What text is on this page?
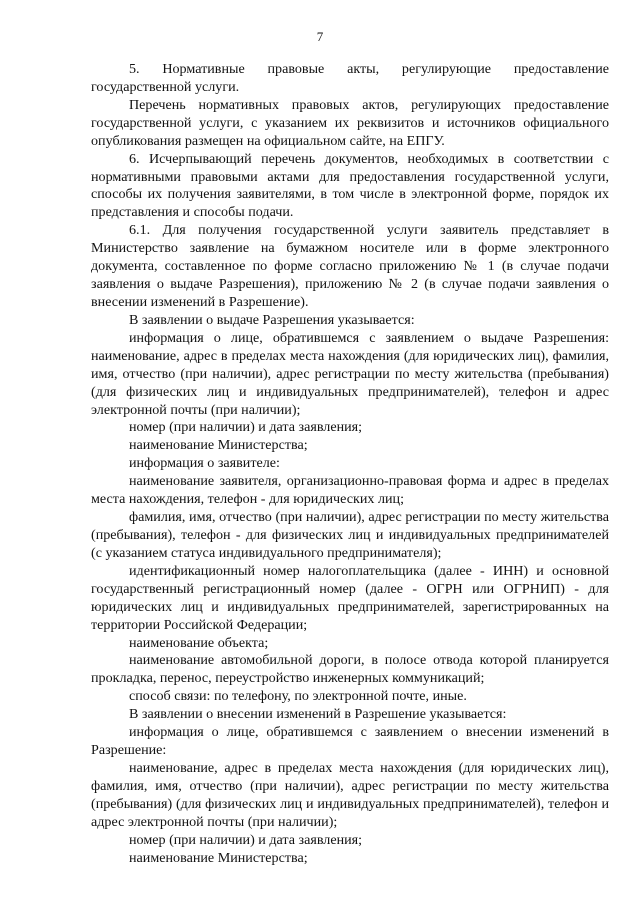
7

5. Нормативные правовые акты, регулирующие предоставление государственной услуги.

Перечень нормативных правовых актов, регулирующих предоставление государственной услуги, с указанием их реквизитов и источников официального опубликования размещен на официальном сайте, на ЕПГУ.

6. Исчерпывающий перечень документов, необходимых в соответствии с нормативными правовыми актами для предоставления государственной услуги, способы их получения заявителями, в том числе в электронной форме, порядок их представления и способы подачи.

6.1. Для получения государственной услуги заявитель представляет в Министерство заявление на бумажном носителе или в форме электронного документа, составленное по форме согласно приложению № 1 (в случае подачи заявления о выдаче Разрешения), приложению № 2 (в случае подачи заявления о внесении изменений в Разрешение).

В заявлении о выдаче Разрешения указывается:

информация о лице, обратившемся с заявлением о выдаче Разрешения: наименование, адрес в пределах места нахождения (для юридических лиц), фамилия, имя, отчество (при наличии), адрес регистрации по месту жительства (пребывания) (для физических лиц и индивидуальных предпринимателей), телефон и адрес электронной почты (при наличии);

номер (при наличии) и дата заявления;

наименование Министерства;

информация о заявителе:

наименование заявителя, организационно-правовая форма и адрес в пределах места нахождения, телефон - для юридических лиц;

фамилия, имя, отчество (при наличии), адрес регистрации по месту жительства (пребывания), телефон - для физических лиц и индивидуальных предпринимателей (с указанием статуса индивидуального предпринимателя);

идентификационный номер налогоплательщика (далее - ИНН) и основной государственный регистрационный номер (далее - ОГРН или ОГРНИП) - для юридических лиц и индивидуальных предпринимателей, зарегистрированных на территории Российской Федерации;

наименование объекта;

наименование автомобильной дороги, в полосе отвода которой планируется прокладка, перенос, переустройство инженерных коммуникаций;

способ связи: по телефону, по электронной почте, иные.

В заявлении о внесении изменений в Разрешение указывается:

информация о лице, обратившемся с заявлением о внесении изменений в Разрешение:

наименование, адрес в пределах места нахождения (для юридических лиц), фамилия, имя, отчество (при наличии), адрес регистрации по месту жительства (пребывания) (для физических лиц и индивидуальных предпринимателей), телефон и адрес электронной почты (при наличии);

номер (при наличии) и дата заявления;

наименование Министерства;
